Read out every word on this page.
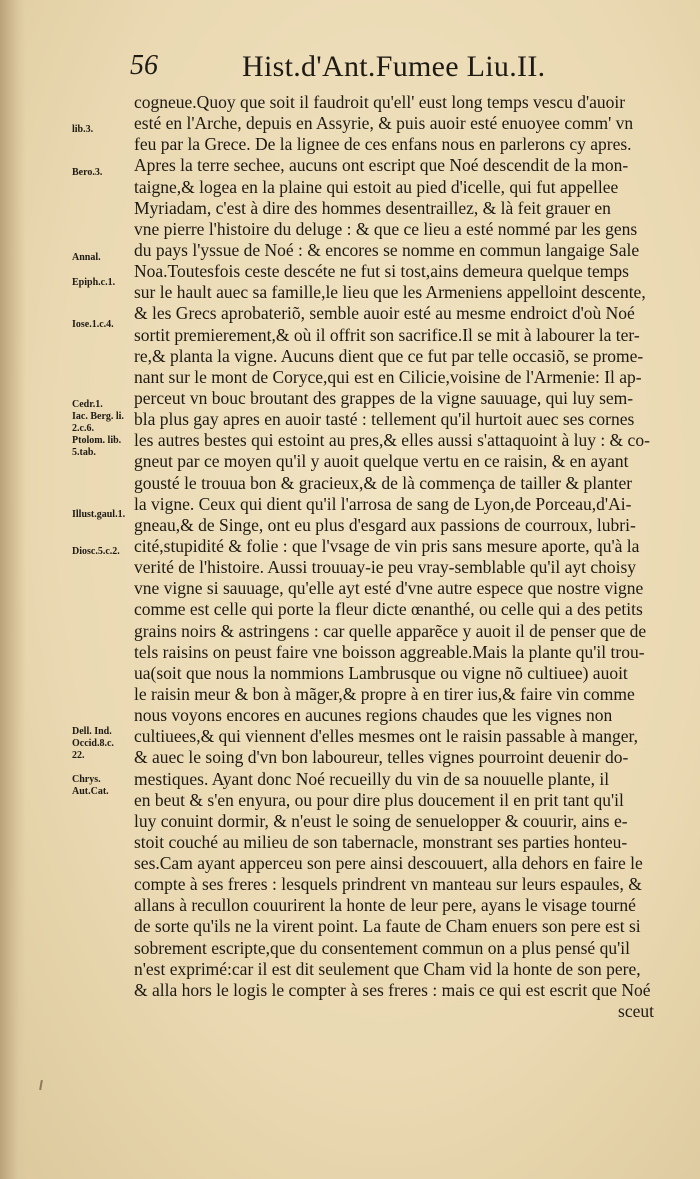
56	Hist.d'Ant.Fumee Liu.II.
cogneue.Quoy que soit il faudroit qu'ell' eust long temps vescu d'auoir
esté en l'Arche, depuis en Assyrie, & puis auoir esté enuoyee comm' vn
feu par la Grece. De la lignee de ces enfans nous en parlerons cy apres.
Apres la terre sechee, aucuns ont escript que Noé descendit de la mon-
taigne,& logea en la plaine qui estoit au pied d'icelle, qui fut appellee
Myriadam, c'est à dire des hommes desentraillez, & là feit grauer en
vne pierre l'histoire du deluge : & que ce lieu a esté nommé par les gens
du pays l'yssue de Noé : & encores se nomme en commun langaige Sale
Noa.Toutesfois ceste descéte ne fut si tost,ains demeura quelque temps
sur le hault auec sa famille,le lieu que les Armeniens appelloint descente,
& les Grecs aprobateriõ, semble auoir esté au mesme endroict d'où Noé
sortit premierement,& où il offrit son sacrifice.Il se mit à labourer la ter-
re,& planta la vigne. Aucuns dient que ce fut par telle occasiõ, se prome-
nant sur le mont de Coryce,qui est en Cilicie,voisine de l'Armenie: Il ap-
perceut vn bouc broutant des grappes de la vigne sauuage, qui luy sem-
bla plus gay apres en auoir tasté : tellement qu'il hurtoit auec ses cornes
les autres bestes qui estoint au pres,& elles aussi s'attaquoint à luy : & co-
gneut par ce moyen qu'il y auoit quelque vertu en ce raisin, & en ayant
gousté le trouua bon & gracieux,& de là commença de tailler & planter
la vigne. Ceux qui dient qu'il l'arrosa de sang de Lyon,de Porceau,d'Ai-
gneau,& de Singe, ont eu plus d'esgard aux passions de courroux, lubri-
cité,stupidité & folie : que l'vsage de vin pris sans mesure aporte, qu'à la
verité de l'histoire. Aussi trouuay-ie peu vray-semblable qu'il ayt choisy
vne vigne si sauuage, qu'elle ayt esté d'vne autre espece que nostre vigne
comme est celle qui porte la fleur dicte œnanthé, ou celle qui a des petits
grains noirs & astringens : car quelle apparẽce y auoit il de penser que de
tels raisins on peust faire vne boisson aggreable.Mais la plante qu'il trou-
ua(soit que nous la nommions Lambrusque ou vigne nõ cultiuee) auoit
le raisin meur & bon à mãger,& propre à en tirer ius,& faire vin comme
nous voyons encores en aucunes regions chaudes que les vignes non
cultiuees,& qui viennent d'elles mesmes ont le raisin passable à manger,
& auec le soing d'vn bon laboureur, telles vignes pourroint deuenir do-
mestiques. Ayant donc Noé recueilly du vin de sa nouuelle plante, il
en beut & s'en enyura, ou pour dire plus doucement il en prit tant qu'il
luy conuint dormir, & n'eust le soing de senuelopper & couurir, ains e-
stoit couché au milieu de son tabernacle, monstrant ses parties honteu-
ses.Cam ayant apperceu son pere ainsi descouuert, alla dehors en faire le
compte à ses freres : lesquels prindrent vn manteau sur leurs espaules, &
allans à recullon couurirent la honte de leur pere, ayans le visage tourné
de sorte qu'ils ne la virent point. La faute de Cham enuers son pere est si
sobrement escripte,que du consentement commun on a plus pensé qu'il
n'est exprimé:car il est dit seulement que Cham vid la honte de son pere,
& alla hors le logis le compter à ses freres : mais ce qui est escrit que Noé
sceut
lib.3.
Bero.3.
Annal.
Epiph.c.1.
Iose.1.c.4.
Cedr.1.
Iac. Berg. li.
2.c.6.
Ptolom. lib.
5.tab.
Illust.gaul.1.
Diosc.5.c.2.
Dell. Ind.
Occid.8.c.
22.
Chrys.
Aut.Cat.
